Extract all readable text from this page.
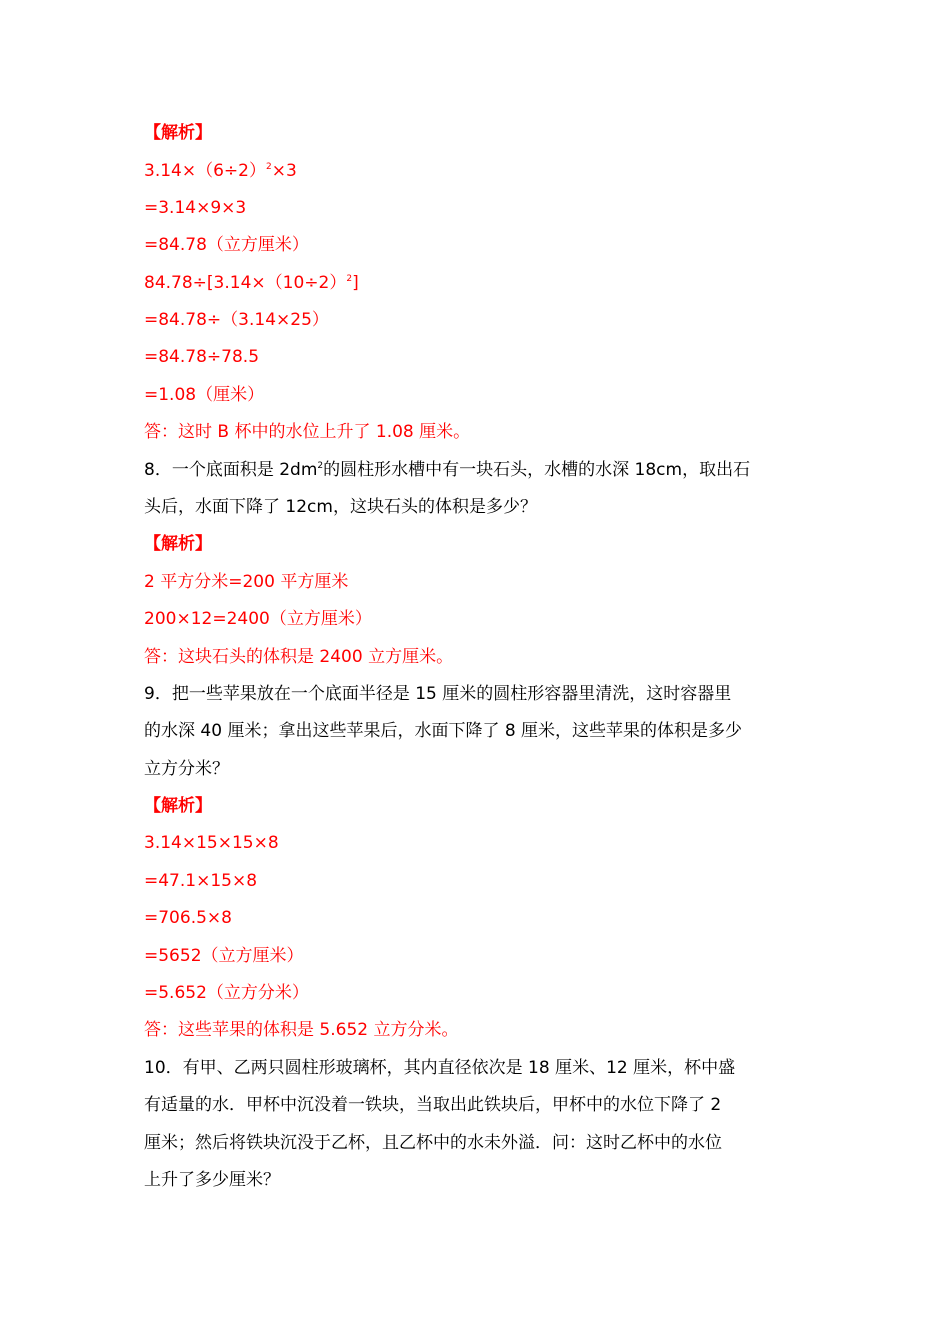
【解析】
$3.14\times(6\div 2)^2\times 3$
=3.14×9×3
=84.78（立方厘米）
$84.78\div[3.14\times(10\div 2)^2]$
=84.78÷（3.14×25）
=84.78÷78.5
=1.08（厘米）
答：这时 B 杯中的水位上升了 1.08 厘米。
8．一个底面积是 $2dm^2$的圆柱形水槽中有一块石头，水槽的水深 18cm，取出石
头后，水面下降了 12cm，这块石头的体积是多少？
【解析】
2 平方分米=200 平方厘米
200×12=2400（立方厘米）
答：这块石头的体积是 2400 立方厘米。
9．把一些苹果放在一个底面半径是 15 厘米的圆柱形容器里清洗，这时容器里
的水深 40 厘米；拿出这些苹果后，水面下降了 8 厘米，这些苹果的体积是多少
立方分米？
【解析】
3.14×15×15×8
=47.1×15×8
=706.5×8
=5652（立方厘米）
=5.652（立方分米）
答：这些苹果的体积是 5.652 立方分米。
10．有甲、乙两只圆柱形玻璃杯，其内直径依次是 18 厘米、12 厘米，杯中盛
有适量的水．甲杯中沉没着一铁块，当取出此铁块后，甲杯中的水位下降了 2
厘米；然后将铁块沉没于乙杯，且乙杯中的水未外溢．问：这时乙杯中的水位
上升了多少厘米？
